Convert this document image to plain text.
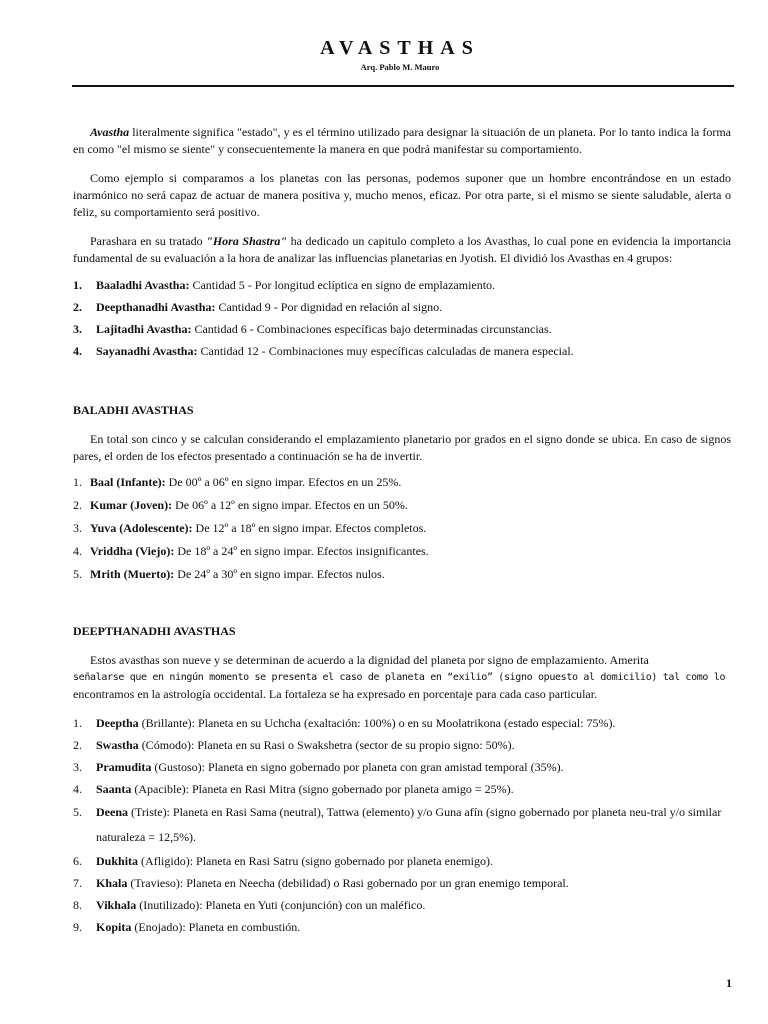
AVASTHAS
Arq. Pablo M. Mauro

Avastha literalmente significa "estado", y es el término utilizado para designar la situación de un planeta. Por lo tanto indica la forma en como "el mismo se siente" y consecuentemente la manera en que podrá manifestar su comportamiento.

Como ejemplo si comparamos a los planetas con las personas, podemos suponer que un hombre encontrándose en un estado inarmónico no será capaz de actuar de manera positiva y, mucho menos, eficaz. Por otra parte, si el mismo se siente saludable, alerta o feliz, su comportamiento será positivo.

Parashara en su tratado "Hora Shastra" ha dedicado un capitulo completo a los Avasthas, lo cual pone en evidencia la importancia fundamental de su evaluación a la hora de analizar las influencias planetarias en Jyotish. El dividió los Avasthas en 4 grupos:

1. Baaladhi Avastha: Cantidad 5 - Por longitud eclíptica en signo de emplazamiento.
2. Deepthanadhi Avastha: Cantidad 9 - Por dignidad en relación al signo.
3. Lajitadhi Avastha: Cantidad 6 - Combinaciones específicas bajo determinadas circunstancias.
4. Sayanadhi Avastha: Cantidad 12 - Combinaciones muy específicas calculadas de manera especial.
BALADHI AVASTHAS

En total son cinco y se calculan considerando el emplazamiento planetario por grados en el signo donde se ubica. En caso de signos pares, el orden de los efectos presentado a continuación se ha de invertir.

1. Baal (Infante): De 00º a 06º en signo impar. Efectos en un 25%.
2. Kumar (Joven): De 06º a 12º en signo impar. Efectos en un 50%.
3. Yuva (Adolescente): De 12º a 18º en signo impar. Efectos completos.
4. Vriddha (Viejo): De 18º a 24º en signo impar. Efectos insignificantes.
5. Mrith (Muerto): De 24º a 30º en signo impar. Efectos nulos.
DEEPTHANADHI AVASTHAS

Estos avasthas son nueve y se determinan de acuerdo a la dignidad del planeta por signo de emplazamiento. Amerita

señalarse que en ningún momento se presenta el caso de planeta en “exilio” (signo opuesto al domicilio) tal como lo
encontramos en la astrología occidental. La fortaleza se ha expresado en porcentaje para cada caso particular.
1. Deeptha (Brillante): Planeta en su Uchcha (exaltación: 100%) o en su Moolatrikona (estado especial: 75%).
2. Swastha (Cómodo): Planeta en su Rasi o Swakshetra (sector de su propio signo: 50%).
3. Pramudita (Gustoso): Planeta en signo gobernado por planeta con gran amistad temporal (35%).
4. Saanta (Apacible): Planeta en Rasi Mitra (signo gobernado por planeta amigo = 25%).
5. Deena (Triste): Planeta en Rasi Sama (neutral), Tattwa (elemento) y/o Guna afín (signo gobernado por planeta neu-tral y/o similar naturaleza = 12,5%).
6. Dukhita (Afligido): Planeta en Rasi Satru (signo gobernado por planeta enemigo).
7. Khala (Travieso): Planeta en Neecha (debilidad) o Rasi gobernado por un gran enemigo temporal.
8. Vikhala (Inutilizado): Planeta en Yuti (conjunción) con un maléfico.
9. Kopita (Enojado): Planeta en combustión.
1
